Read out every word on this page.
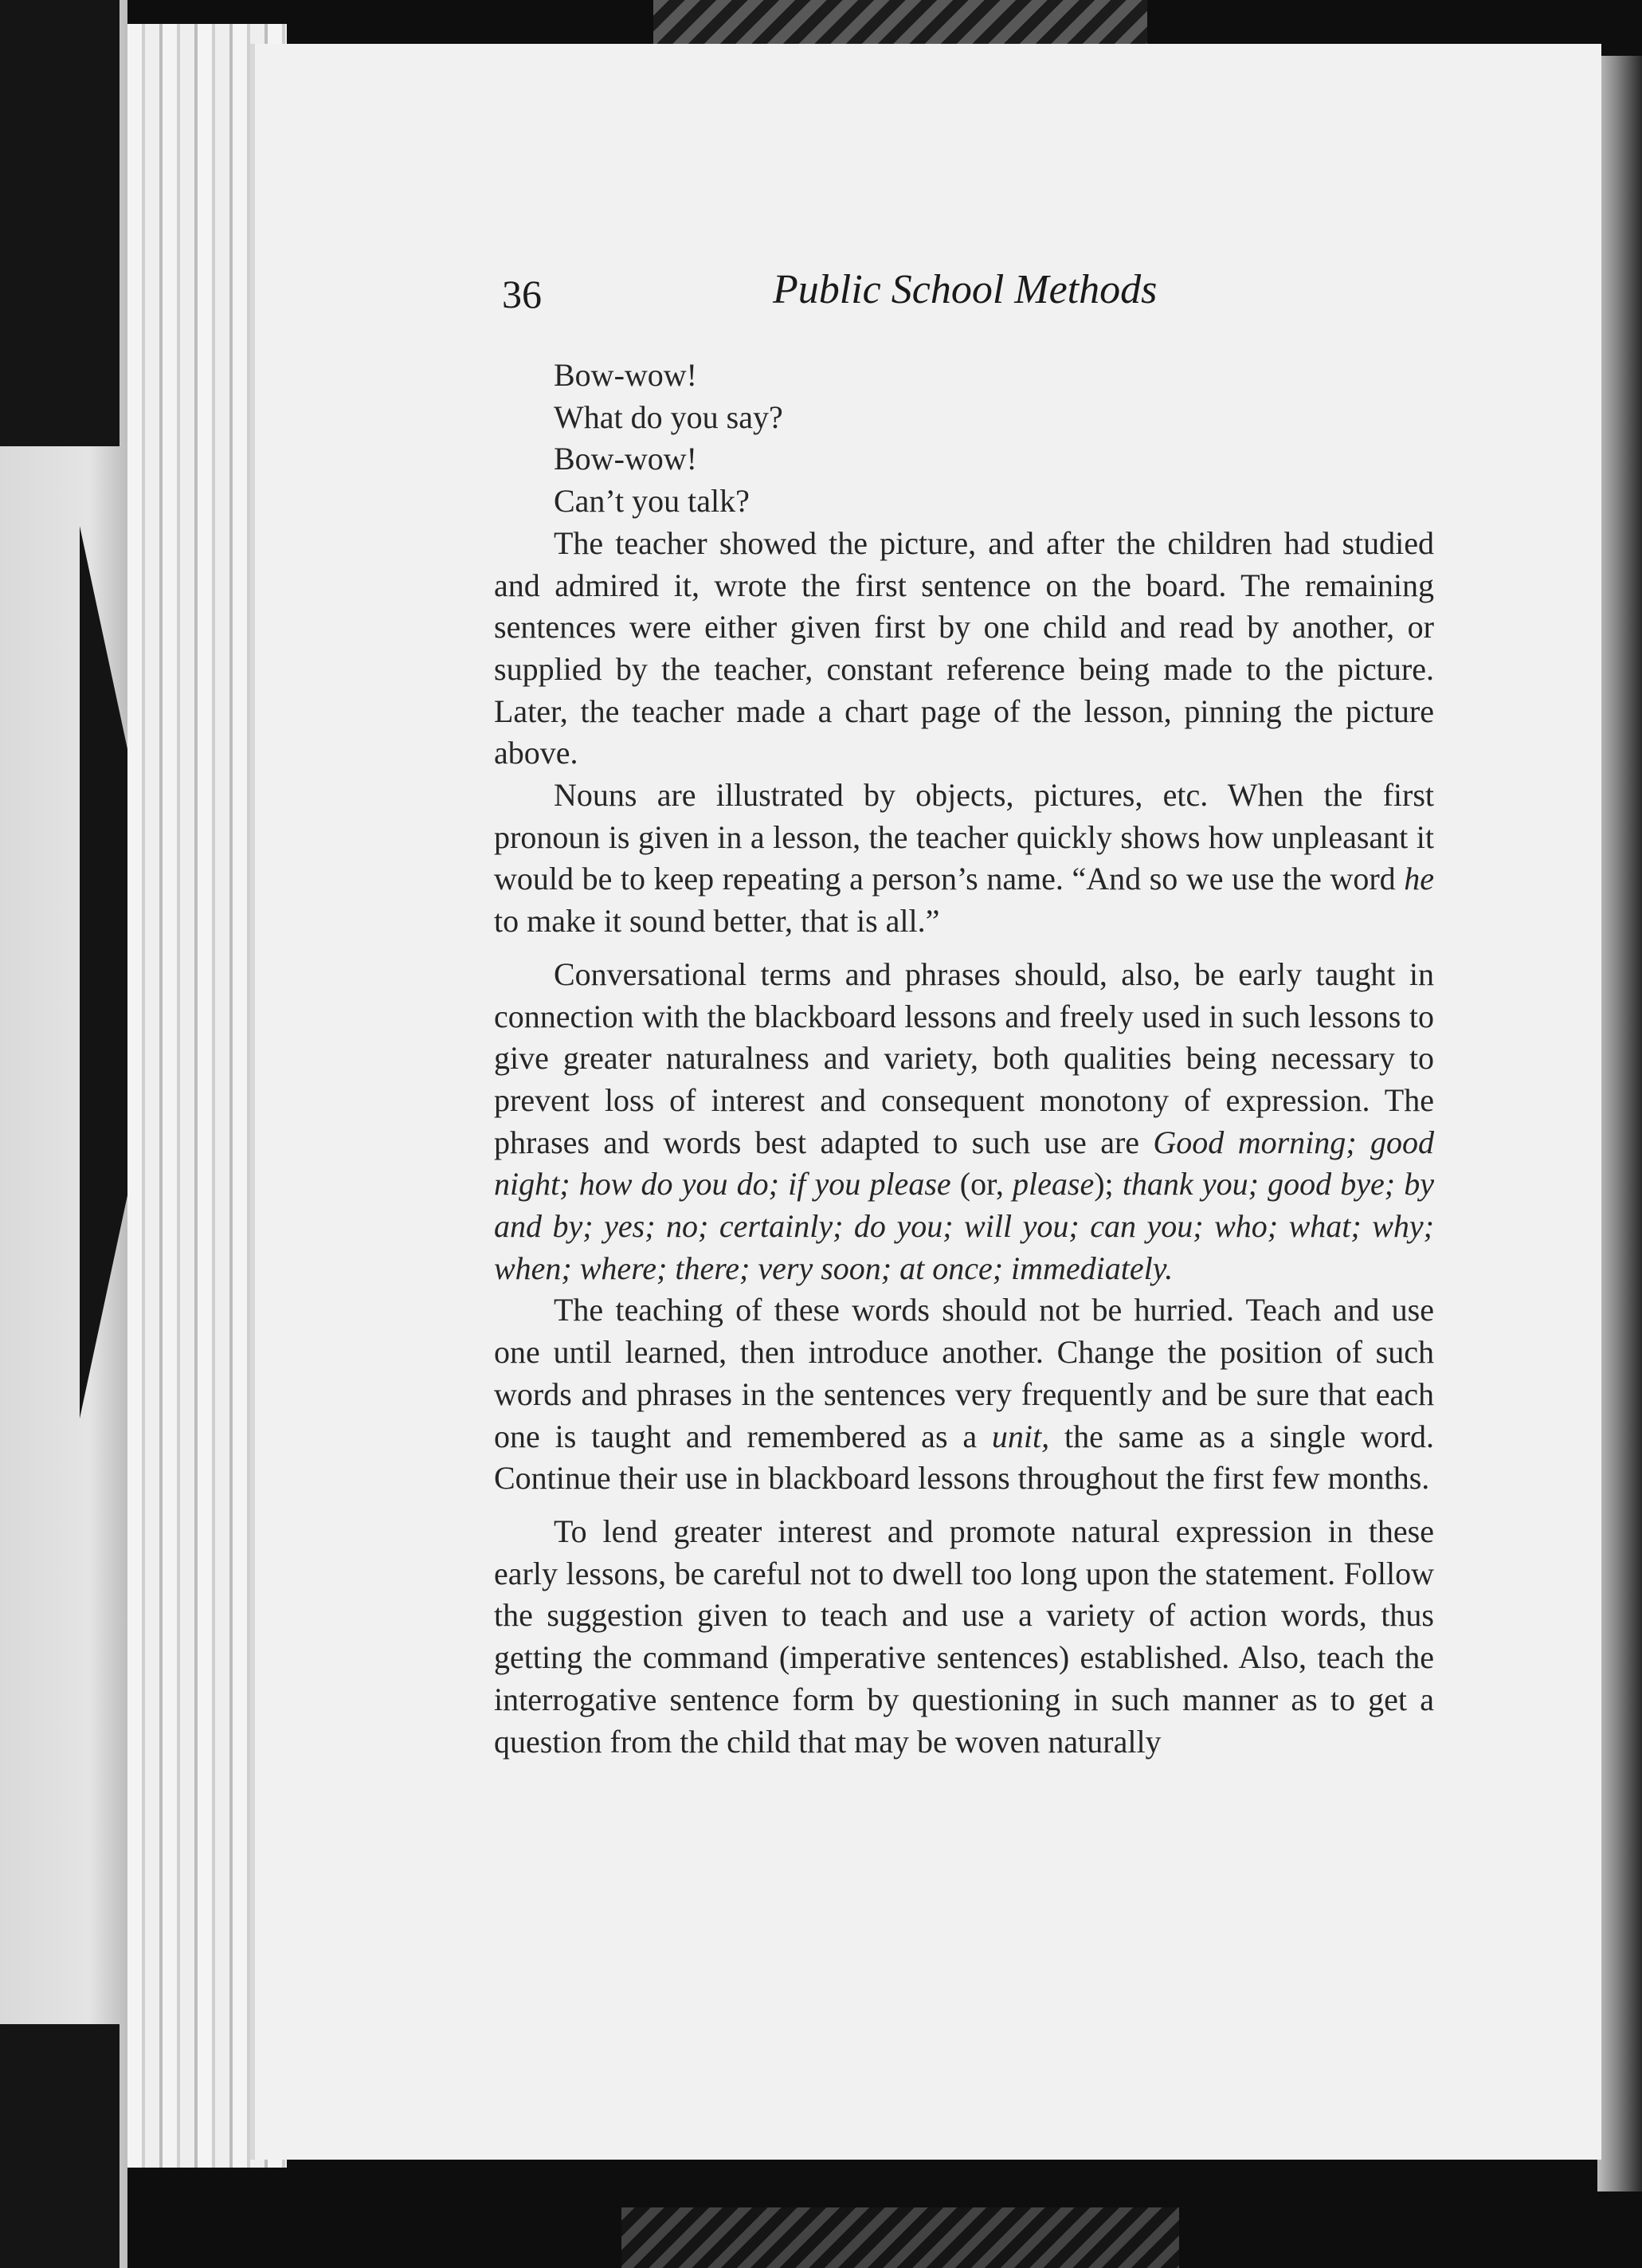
36	Public School Methods
Bow-wow!
What do you say?
Bow-wow!
Can’t you talk?

The teacher showed the picture, and after the children had studied and admired it, wrote the first sentence on the board. The remaining sentences were either given first by one child and read by another, or supplied by the teacher, constant reference being made to the picture. Later, the teacher made a chart page of the lesson, pinning the picture above.

Nouns are illustrated by objects, pictures, etc. When the first pronoun is given in a lesson, the teacher quickly shows how unpleasant it would be to keep repeating a person’s name. “And so we use the word he to make it sound better, that is all.”

Conversational terms and phrases should, also, be early taught in connection with the blackboard lessons and freely used in such lessons to give greater naturalness and variety, both qualities being necessary to prevent loss of interest and consequent monotony of expression. The phrases and words best adapted to such use are Good morning; good night; how do you do; if you please (or, please); thank you; good bye; by and by; yes; no; certainly; do you; will you; can you; who; what; why; when; where; there; very soon; at once; immediately.

The teaching of these words should not be hurried. Teach and use one until learned, then introduce another. Change the position of such words and phrases in the sentences very frequently and be sure that each one is taught and remembered as a unit, the same as a single word. Continue their use in blackboard lessons throughout the first few months.

To lend greater interest and promote natural expression in these early lessons, be careful not to dwell too long upon the statement. Follow the suggestion given to teach and use a variety of action words, thus getting the command (imperative sentences) established. Also, teach the interrogative sentence form by questioning in such manner as to get a question from the child that may be woven naturally
